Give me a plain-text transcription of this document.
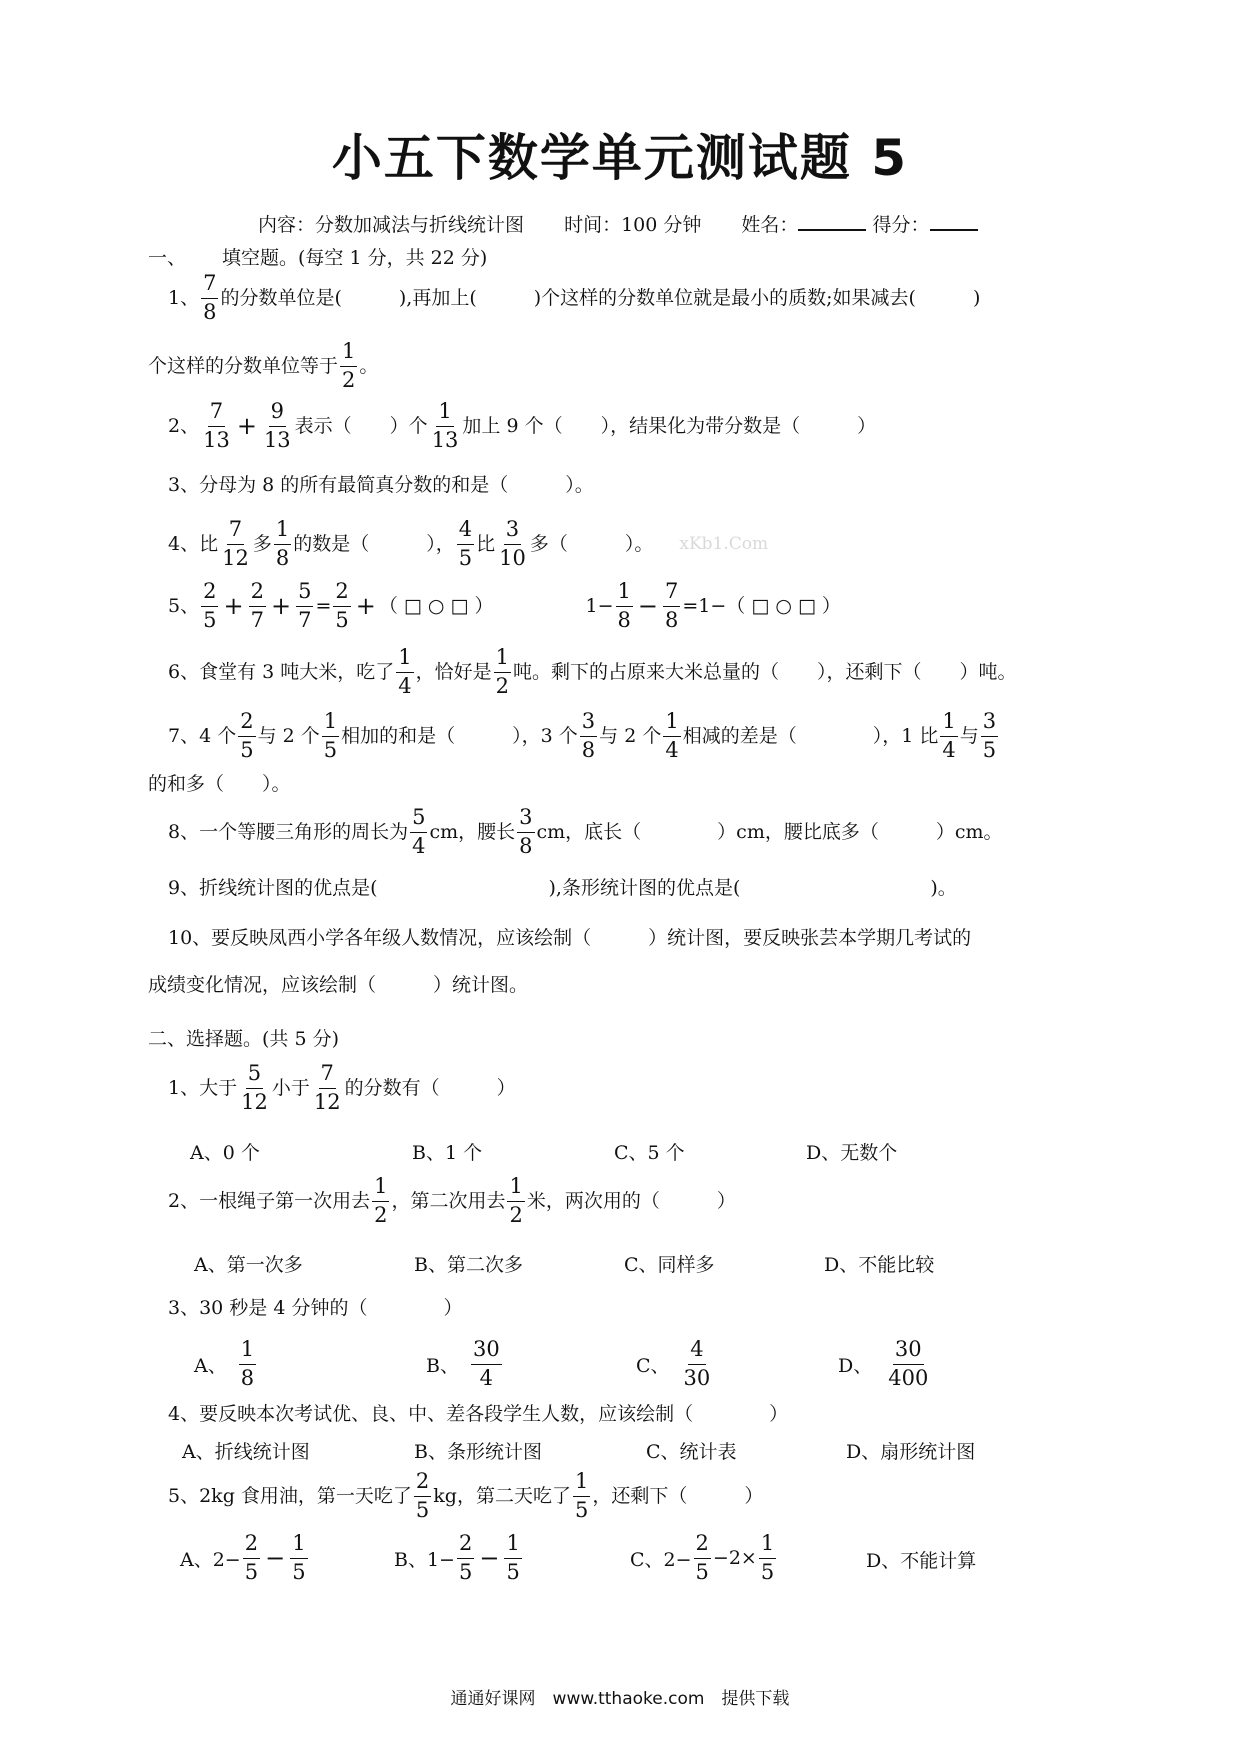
小五下数学单元测试题 5
内容：分数加减法与折线统计图 时间：100 分钟 姓名：	得分：
一、 填空题。(每空 1 分，共 22 分)
1、 $\frac{7}{8}$ 的分数单位是(　　　),再加上(　　　)个这样的分数单位就是最小的质数;如果减去(　　　)
个这样的分数单位等于 $\frac{1}{2}$ 。
2、 $\frac{7}{13} + \frac{9}{13}$ 表示（　　）个 $\frac{1}{13}$ 加上 9 个（　　），结果化为带分数是（　　　）
3、分母为 8 的所有最简真分数的和是（　　　）。
4、比 $\frac{7}{12}$ 多 $\frac{1}{8}$ 的数是（　　　）， $\frac{4}{5}$ 比 $\frac{3}{10}$ 多（　　　）。 xKb1.Com
5、 $\frac{2}{5} + \frac{2}{7} + \frac{5}{7} = \frac{2}{5}$ + （ □ ○ □ ）	$1- \frac{1}{8} - \frac{7}{8} =1-$ （ □ ○ □ ）
6、食堂有 3 吨大米，吃了 $\frac{1}{4}$ ，恰好是 $\frac{1}{2}$ 吨。剩下的占原来大米总量的（　　），还剩下（　　）吨。
7、4 个 $\frac{2}{5}$ 与 2 个 $\frac{1}{5}$ 相加的和是（　　　），3 个 $\frac{3}{8}$ 与 2 个 $\frac{1}{4}$ 相减的差是（　　　　），1 比 $\frac{1}{4}$ 与 $\frac{3}{5}$
的和多（　　）。
8、一个等腰三角形的周长为 $\frac{5}{4}$ cm，腰长 $\frac{3}{8}$ cm，底长（　　　　）cm，腰比底多（　　　）cm。
9、折线统计图的优点是(　　　　　　　　　),条形统计图的优点是(　　　　　　　　　　)。
10、要反映凤西小学各年级人数情况，应该绘制（　　　）统计图，要反映张芸本学期几考试的
成绩变化情况，应该绘制（　　　）统计图。
二、选择题。(共 5 分)
1、大于 $\frac{5}{12}$ 小于 $\frac{7}{12}$ 的分数有（　　　）
A、0 个	B、1 个	C、5 个	D、无数个
2、一根绳子第一次用去 $\frac{1}{2}$ ，第二次用去 $\frac{1}{2}$ 米，两次用的（　　　）
A、第一次多	B、第二次多	C、同样多	D、不能比较
3、30 秒是 4 分钟的（　　　　）
A、 $\frac{1}{8}$	B、 $\frac{30}{4}$	C、 $\frac{4}{30}$	D、 $\frac{30}{400}$
4、要反映本次考试优、良、中、差各段学生人数，应该绘制（　　　　）
A、折线统计图	B、条形统计图	C、统计表	D、扇形统计图
5、2kg 食用油，第一天吃了 $\frac{2}{5}$ kg，第二天吃了 $\frac{1}{5}$ ，还剩下（　　　）
A、$2- \frac{2}{5} - \frac{1}{5}$	B、$1- \frac{2}{5} - \frac{1}{5}$	C、$2- \frac{2}{5} -2\times \frac{1}{5}$	D、不能计算
通通好课网　www.tthaoke.com　提供下载
